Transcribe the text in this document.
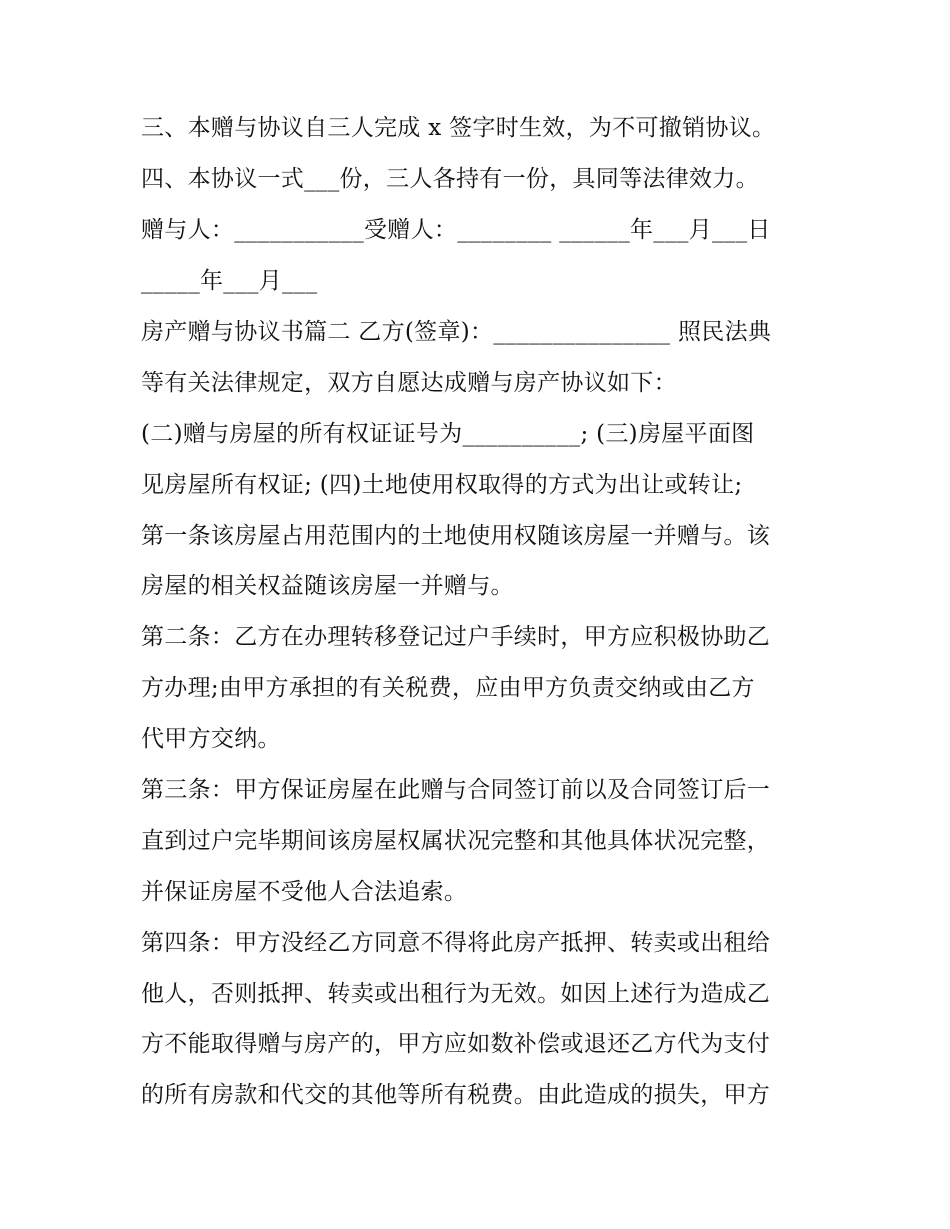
三、本赠与协议自三人完成 x 签字时生效，为不可撤销协议。
四、本协议一式___份，三人各持有一份，具同等法律效力。
赠与人：___________受赠人：________ ______年___月___日
_____年___月___
房产赠与协议书篇二 乙方(签章)：_______________ 照民法典
等有关法律规定，双方自愿达成赠与房产协议如下：
(二)赠与房屋的所有权证证号为__________; (三)房屋平面图
见房屋所有权证; (四)土地使用权取得的方式为出让或转让;
第一条该房屋占用范围内的土地使用权随该房屋一并赠与。该
房屋的相关权益随该房屋一并赠与。
第二条：乙方在办理转移登记过户手续时，甲方应积极协助乙
方办理;由甲方承担的有关税费，应由甲方负责交纳或由乙方
代甲方交纳。
第三条：甲方保证房屋在此赠与合同签订前以及合同签订后一
直到过户完毕期间该房屋权属状况完整和其他具体状况完整，
并保证房屋不受他人合法追索。
第四条：甲方没经乙方同意不得将此房产抵押、转卖或出租给
他人，否则抵押、转卖或出租行为无效。如因上述行为造成乙
方不能取得赠与房产的，甲方应如数补偿或退还乙方代为支付
的所有房款和代交的其他等所有税费。由此造成的损失，甲方
